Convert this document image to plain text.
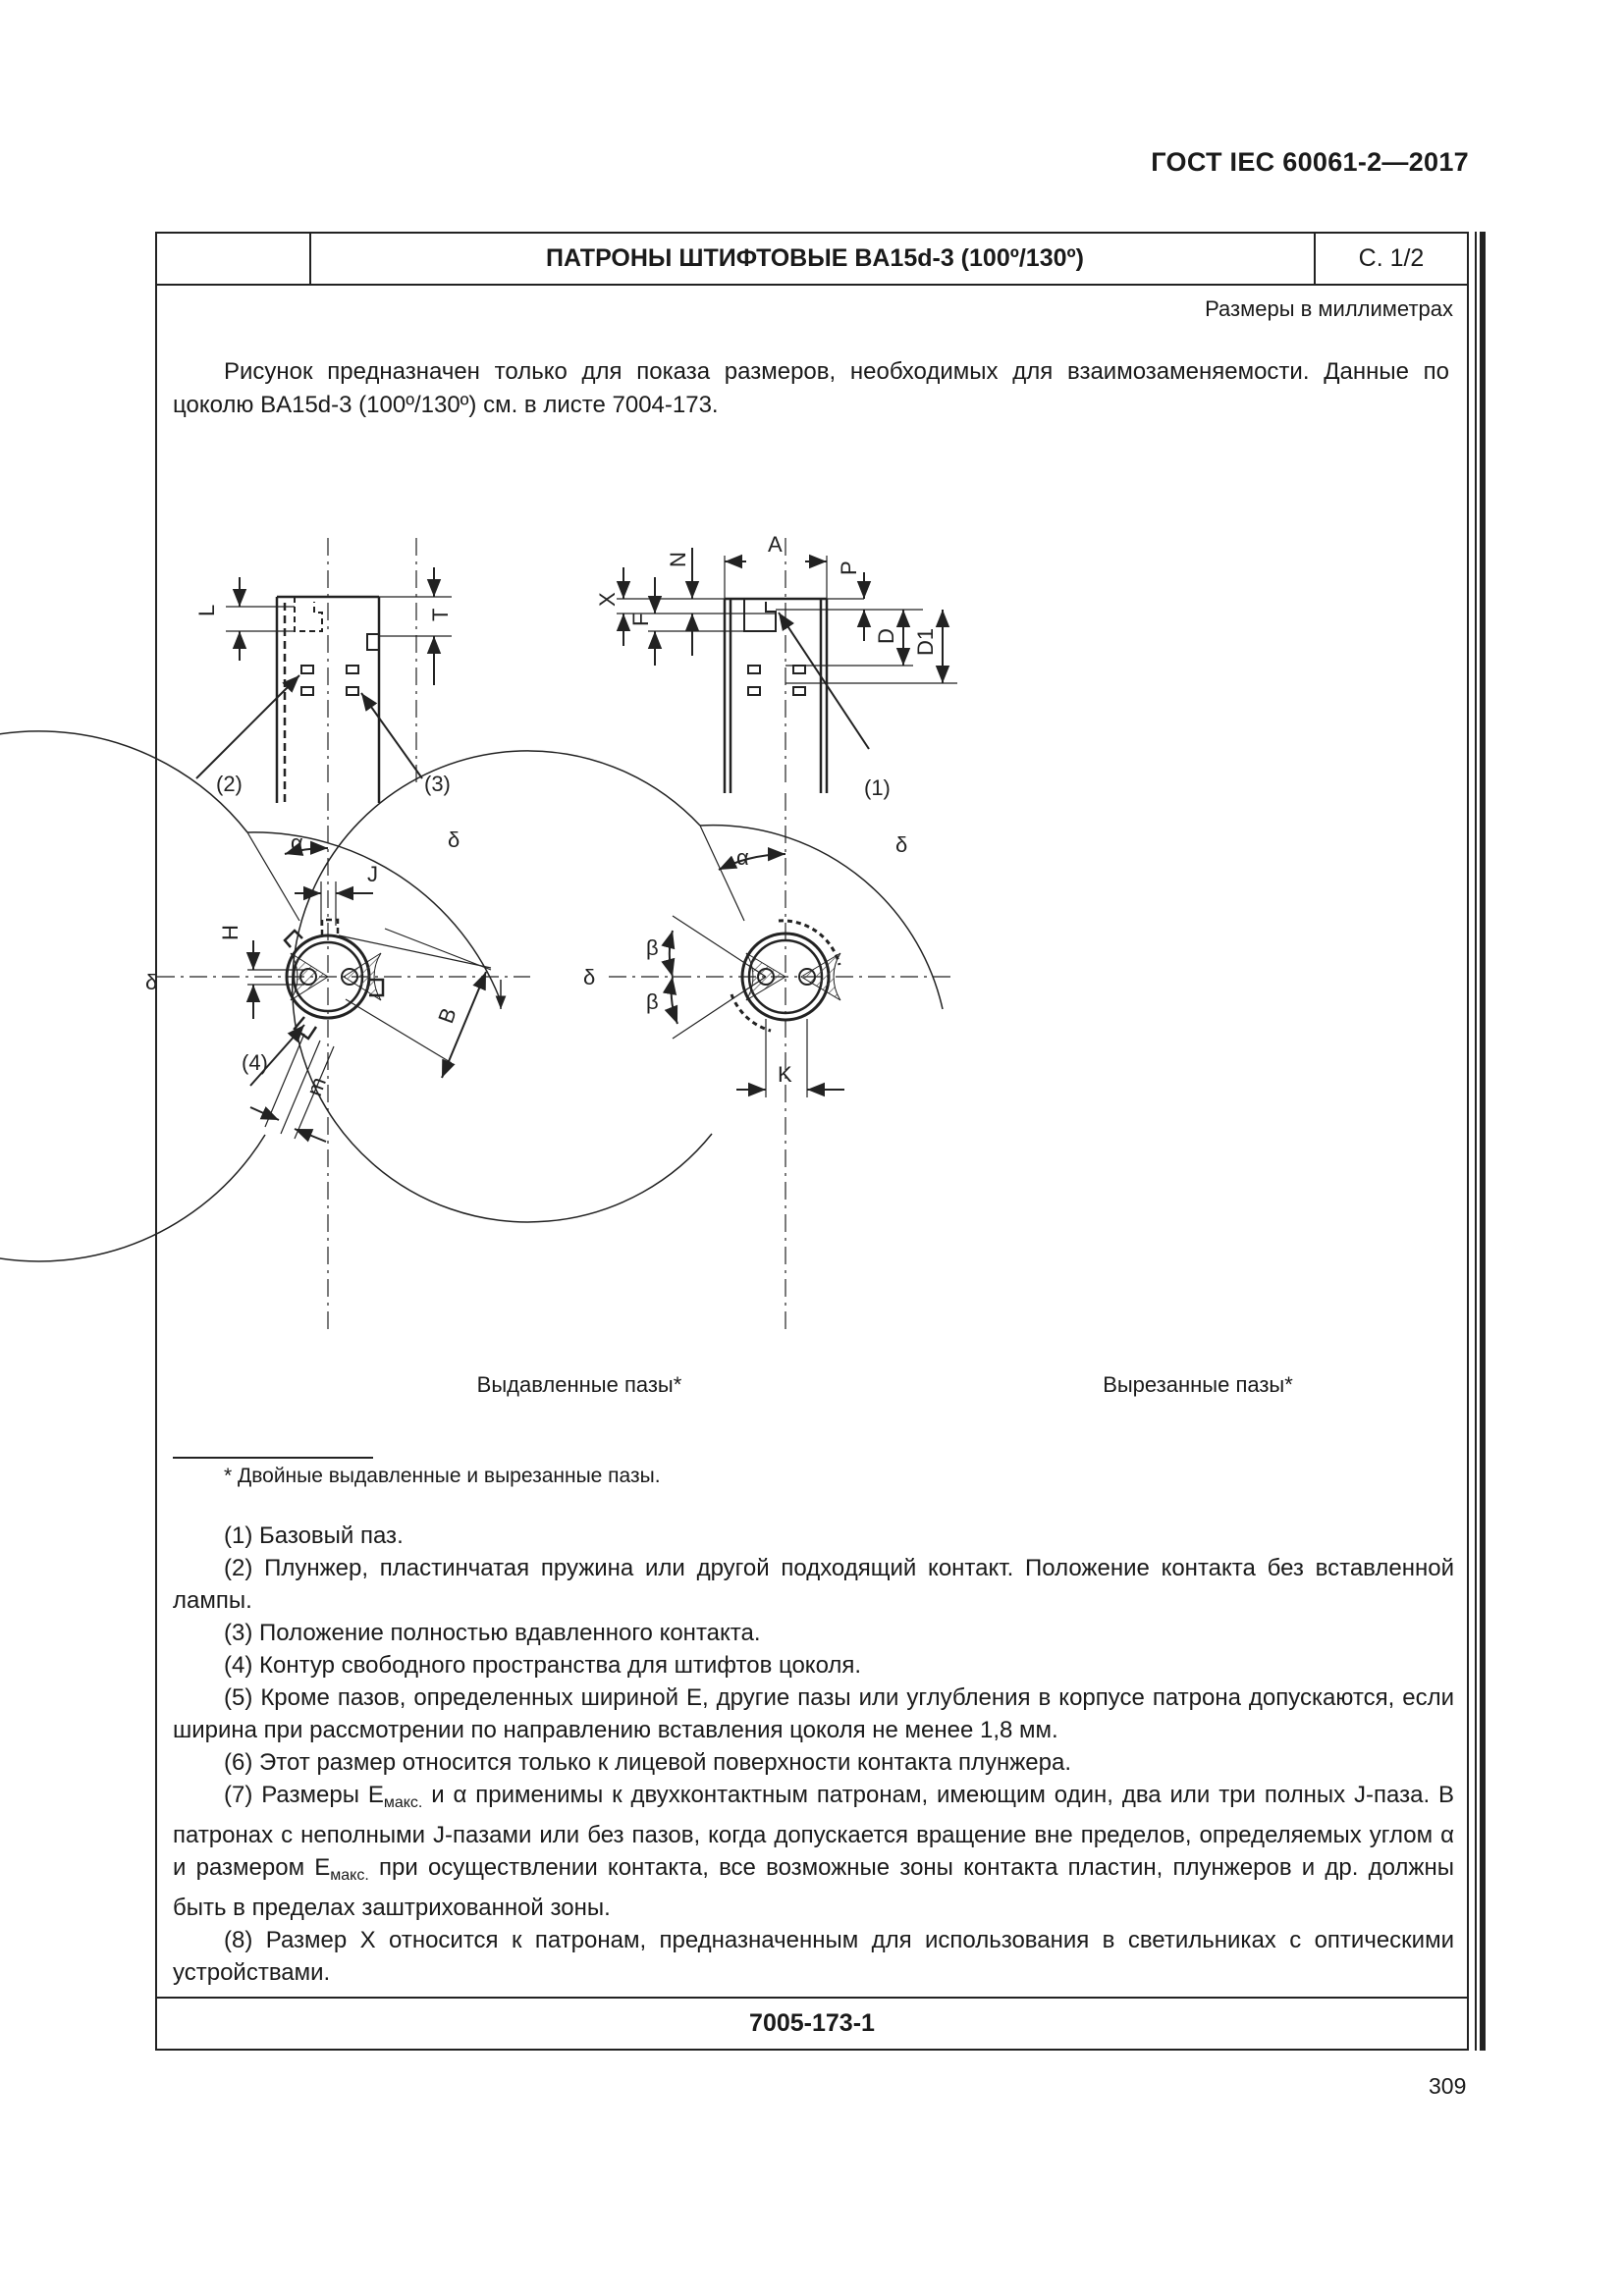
ГОСТ IEC 60061-2—2017
ПАТРОНЫ ШТИФТОВЫЕ BA15d-3 (100º/130º)	С. 1/2
Размеры в миллиметрах
Рисунок предназначен только для показа размеров, необходимых для взаимозаменяемости. Данные по цоколю BA15d-3 (100º/130º) см. в листе 7004-173.
L	T
(2)	(3)
X
F
N
A
P
D D1
(1)
α	δ
δ
J
H
B
(4)
m
α
δ
δ
β
β
K
Выдавленные пазы*	Вырезанные пазы*
* Двойные выдавленные и вырезанные пазы.

(1) Базовый паз.

(2) Плунжер, пластинчатая пружина или другой подходящий контакт. Положение контакта без вставленной лампы.

(3) Положение полностью вдавленного контакта.

(4) Контур свободного пространства для штифтов цоколя.

(5) Кроме пазов, определенных шириной Е, другие пазы или углубления в корпусе патрона допускаются, если ширина при рассмотрении по направлению вставления цоколя не менее 1,8 мм.

(6) Этот размер относится только к лицевой поверхности контакта плунжера.

(7) Размеры $Е_{макс.}$ и α применимы к двухконтактным патронам, имеющим один, два или три полных J-паза. В патронах с неполными J-пазами или без пазов, когда допускается вращение вне пределов, определяемых углом α и размером $Е_{макс.}$ при осуществлении контакта, все возможные зоны контакта пластин, плунжеров и др. должны быть в пределах заштрихованной зоны.

(8) Размер X относится к патронам, предназначенным для использования в светильниках с оптическими устройствами.

7005-173-1
309
